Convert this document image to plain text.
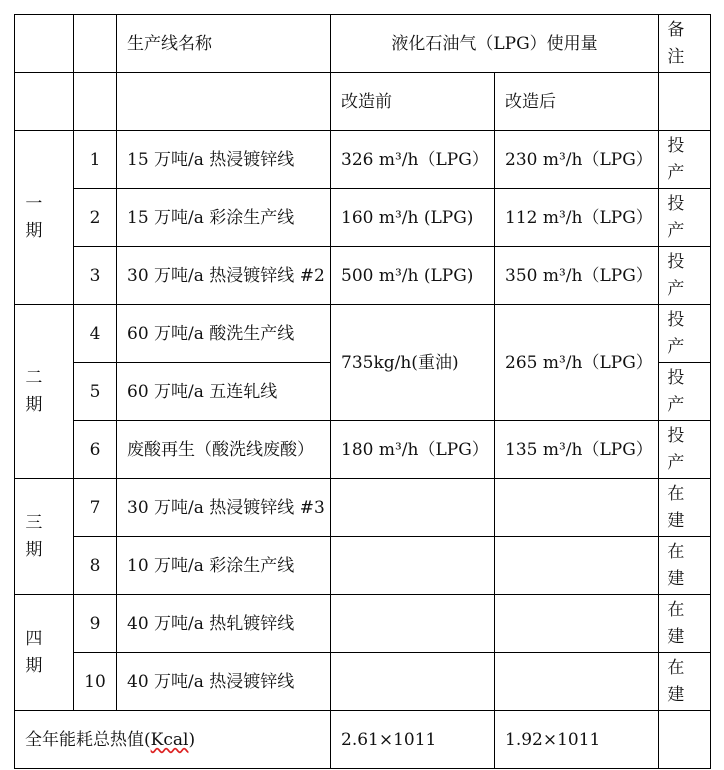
		生产线名称	液化石油气（LPG）使用量		备注
			改造前	改造后	
一期	1	15 万吨/a 热浸镀锌线	326 m³/h（LPG）	230 m³/h（LPG）	投产
	2	15 万吨/a 彩涂生产线	160 m³/h (LPG)	112 m³/h（LPG）	投产
	3	30 万吨/a 热浸镀锌线 #2	500 m³/h (LPG)	350 m³/h（LPG）	投产
二期	4	60 万吨/a 酸洗生产线	735kg/h(重油)	265 m³/h（LPG）	投产
	5	60 万吨/a 五连轧线			投产
	6	废酸再生（酸洗线废酸）	180 m³/h（LPG）	135 m³/h（LPG）	投产
三期	7	30 万吨/a 热浸镀锌线 #3			在建
	8	10 万吨/a 彩涂生产线			在建
四期	9	40 万吨/a 热轧镀锌线			在建
	10	40 万吨/a 热浸镀锌线			在建
全年能耗总热值(Kcal)			2.61×1011	1.92×1011	
